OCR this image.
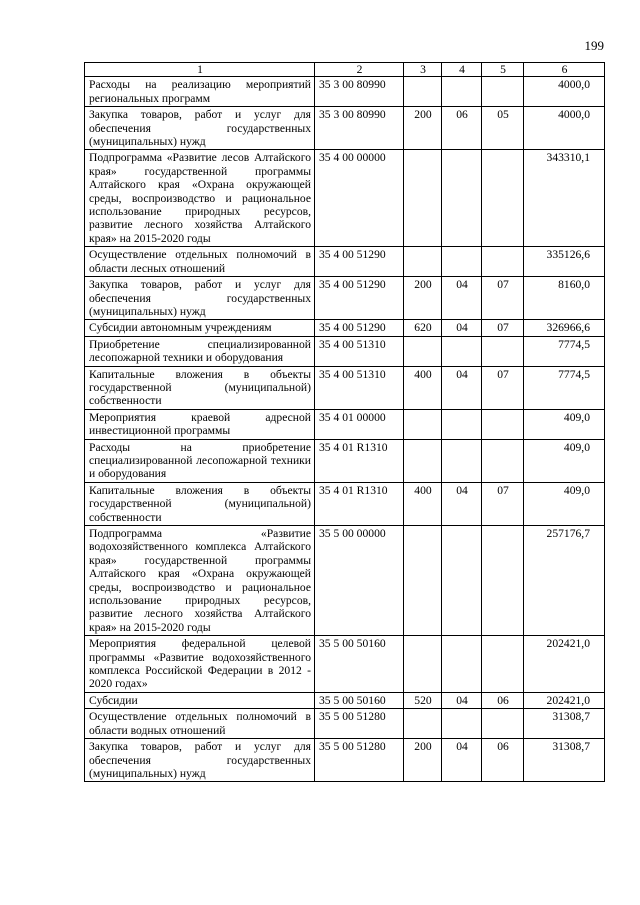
199
1	2	3	4	5	6
Расходы на реализацию мероприятий региональных программ	35 3 00 80990				4000,0
Закупка товаров, работ и услуг для обеспечения государственных (муниципальных) нужд	35 3 00 80990	200	06	05	4000,0
Подпрограмма «Развитие лесов Алтайского края» государственной программы Алтайского края «Охрана окружающей среды, воспроизводство и рациональное использование природных ресурсов, развитие лесного хозяйства Алтайского края» на 2015-2020 годы	35 4 00 00000				343310,1
Осуществление отдельных полномочий в области лесных отношений	35 4 00 51290				335126,6
Закупка товаров, работ и услуг для обеспечения государственных (муниципальных) нужд	35 4 00 51290	200	04	07	8160,0
Субсидии автономным учреждениям	35 4 00 51290	620	04	07	326966,6
Приобретение специализированной лесопожарной техники и оборудования	35 4 00 51310				7774,5
Капитальные вложения в объекты государственной (муниципальной) собственности	35 4 00 51310	400	04	07	7774,5
Мероприятия краевой адресной инвестиционной программы	35 4 01 00000				409,0
Расходы на приобретение специализированной лесопожарной техники и оборудования	35 4 01 R1310				409,0
Капитальные вложения в объекты государственной (муниципальной) собственности	35 4 01 R1310	400	04	07	409,0
Подпрограмма «Развитие водохозяйственного комплекса Алтайского края» государственной программы Алтайского края «Охрана окружающей среды, воспроизводство и рациональное использование природных ресурсов, развитие лесного хозяйства Алтайского края» на 2015-2020 годы	35 5 00 00000				257176,7
Мероприятия федеральной целевой программы «Развитие водохозяйственного комплекса Российской Федерации в 2012 - 2020 годах»	35 5 00 50160				202421,0
Субсидии	35 5 00 50160	520	04	06	202421,0
Осуществление отдельных полномочий в области водных отношений	35 5 00 51280				31308,7
Закупка товаров, работ и услуг для обеспечения государственных (муниципальных) нужд	35 5 00 51280	200	04	06	31308,7
